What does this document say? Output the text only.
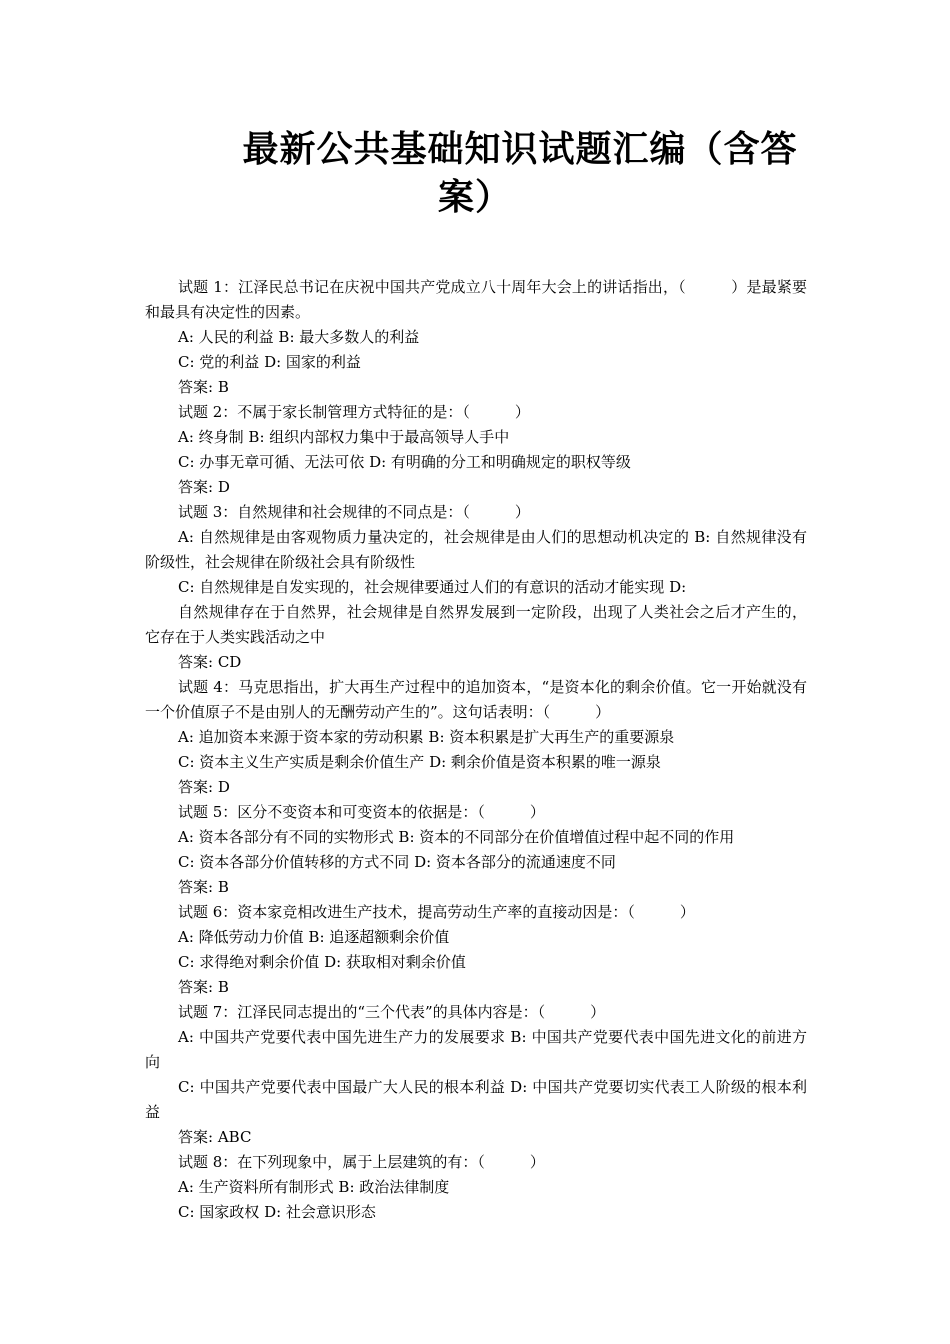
最新公共基础知识试题汇编（含答
案）

试题 1：江泽民总书记在庆祝中国共产党成立八十周年大会上的讲话指出，（　　　）是最紧要和最具有决定性的因素。

A: 人民的利益 B: 最大多数人的利益

C: 党的利益 D: 国家的利益

答案: B

试题 2：不属于家长制管理方式特征的是：（　　　）

A: 终身制 B: 组织内部权力集中于最高领导人手中

C: 办事无章可循、无法可依 D: 有明确的分工和明确规定的职权等级

答案: D

试题 3：自然规律和社会规律的不同点是：（　　　）

A: 自然规律是由客观物质力量决定的，社会规律是由人们的思想动机决定的 B: 自然规律没有阶级性，社会规律在阶级社会具有阶级性

C: 自然规律是自发实现的，社会规律要通过人们的有意识的活动才能实现 D:

自然规律存在于自然界，社会规律是自然界发展到一定阶段，出现了人类社会之后才产生的，它存在于人类实践活动之中

答案: CD

试题 4：马克思指出，扩大再生产过程中的追加资本，“是资本化的剩余价值。它一开始就没有一个价值原子不是由别人的无酬劳动产生的”。这句话表明：（　　　）

A: 追加资本来源于资本家的劳动积累 B: 资本积累是扩大再生产的重要源泉

C: 资本主义生产实质是剩余价值生产 D: 剩余价值是资本积累的唯一源泉

答案: D

试题 5：区分不变资本和可变资本的依据是：（　　　）

A: 资本各部分有不同的实物形式 B: 资本的不同部分在价值增值过程中起不同的作用

C: 资本各部分价值转移的方式不同 D: 资本各部分的流通速度不同

答案: B

试题 6：资本家竞相改进生产技术，提高劳动生产率的直接动因是：（　　　）

A: 降低劳动力价值 B: 追逐超额剩余价值

C: 求得绝对剩余价值 D: 获取相对剩余价值

答案: B

试题 7：江泽民同志提出的“三个代表”的具体内容是：（　　　）

A: 中国共产党要代表中国先进生产力的发展要求 B: 中国共产党要代表中国先进文化的前进方向

C: 中国共产党要代表中国最广大人民的根本利益 D: 中国共产党要切实代表工人阶级的根本利益

答案: ABC

试题 8：在下列现象中，属于上层建筑的有：（　　　）

A: 生产资料所有制形式 B: 政治法律制度

C: 国家政权 D: 社会意识形态
